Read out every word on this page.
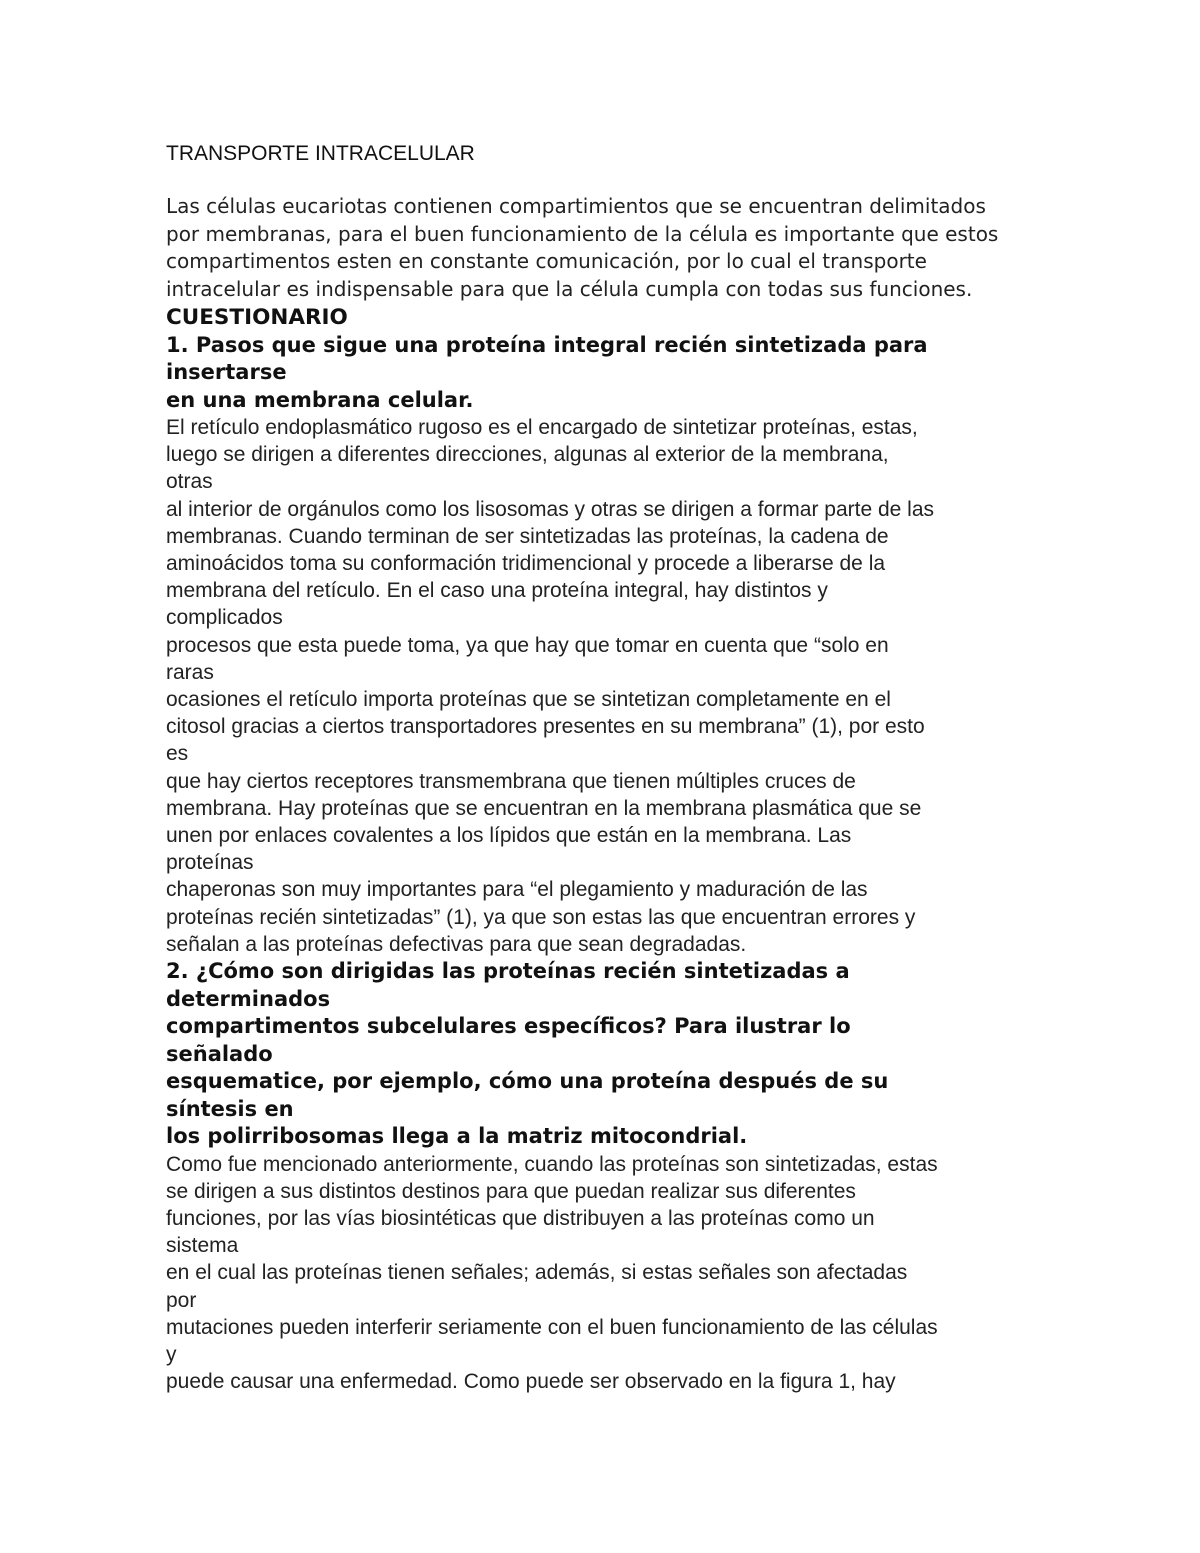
TRANSPORTE INTRACELULAR
Las células eucariotas contienen compartimientos que se encuentran delimitados
por membranas, para el buen funcionamiento de la célula es importante que estos
compartimentos esten en constante comunicación, por lo cual el transporte
intracelular es indispensable para que la célula cumpla con todas sus funciones.
CUESTIONARIO
1. Pasos que sigue una proteína integral recién sintetizada para
insertarse
en una membrana celular.
El retículo endoplasmático rugoso es el encargado de sintetizar proteínas, estas,
luego se dirigen a diferentes direcciones, algunas al exterior de la membrana,
otras
al interior de orgánulos como los lisosomas y otras se dirigen a formar parte de las
membranas. Cuando terminan de ser sintetizadas las proteínas, la cadena de
aminoácidos toma su conformación tridimencional y procede a liberarse de la
membrana del retículo. En el caso una proteína integral, hay distintos y
complicados
procesos que esta puede toma, ya que hay que tomar en cuenta que “solo en
raras
ocasiones el retículo importa proteínas que se sintetizan completamente en el
citosol gracias a ciertos transportadores presentes en su membrana” (1), por esto
es
que hay ciertos receptores transmembrana que tienen múltiples cruces de
membrana. Hay proteínas que se encuentran en la membrana plasmática que se
unen por enlaces covalentes a los lípidos que están en la membrana. Las
proteínas
chaperonas son muy importantes para “el plegamiento y maduración de las
proteínas recién sintetizadas” (1), ya que son estas las que encuentran errores y
señalan a las proteínas defectivas para que sean degradadas.
2. ¿Cómo son dirigidas las proteínas recién sintetizadas a
determinados
compartimentos subcelulares específicos? Para ilustrar lo
señalado
esquematice, por ejemplo, cómo una proteína después de su
síntesis en
los polirribosomas llega a la matriz mitocondrial.
Como fue mencionado anteriormente, cuando las proteínas son sintetizadas, estas
se dirigen a sus distintos destinos para que puedan realizar sus diferentes
funciones, por las vías biosintéticas que distribuyen a las proteínas como un
sistema
en el cual las proteínas tienen señales; además, si estas señales son afectadas
por
mutaciones pueden interferir seriamente con el buen funcionamiento de las células
y
puede causar una enfermedad. Como puede ser observado en la figura 1, hay
